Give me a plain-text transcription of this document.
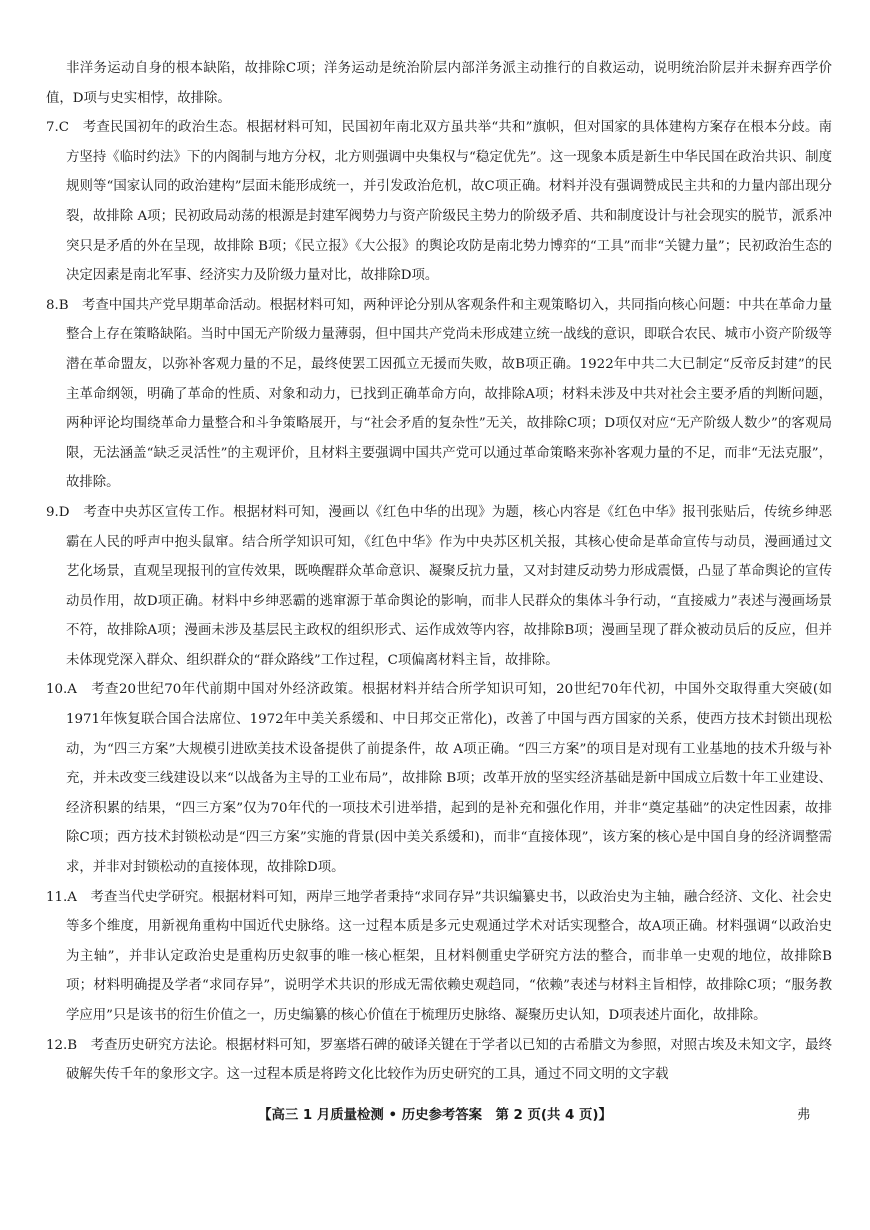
非洋务运动自身的根本缺陷，故排除C项；洋务运动是统治阶层内部洋务派主动推行的自救运动，说明统治阶层并未摒弃西学价值，D项与史实相悖，故排除。

7.C　考查民国初年的政治生态。根据材料可知，民国初年南北双方虽共举“共和”旗帜，但对国家的具体建构方案存在根本分歧。南方坚持《临时约法》下的内阁制与地方分权，北方则强调中央集权与“稳定优先”。这一现象本质是新生中华民国在政治共识、制度规则等“国家认同的政治建构”层面未能形成统一，并引发政治危机，故C项正确。材料并没有强调赞成民主共和的力量内部出现分裂，故排除 A项；民初政局动荡的根源是封建军阀势力与资产阶级民主势力的阶级矛盾、共和制度设计与社会现实的脱节，派系冲突只是矛盾的外在呈现，故排除 B项；《民立报》《大公报》的舆论攻防是南北势力博弈的“工具”而非“关键力量”；民初政治生态的决定因素是南北军事、经济实力及阶级力量对比，故排除D项。

8.B　考查中国共产党早期革命活动。根据材料可知，两种评论分别从客观条件和主观策略切入，共同指向核心问题：中共在革命力量整合上存在策略缺陷。当时中国无产阶级力量薄弱，但中国共产党尚未形成建立统一战线的意识，即联合农民、城市小资产阶级等潜在革命盟友，以弥补客观力量的不足，最终使罢工因孤立无援而失败，故B项正确。1922年中共二大已制定“反帝反封建”的民主革命纲领，明确了革命的性质、对象和动力，已找到正确革命方向，故排除A项；材料未涉及中共对社会主要矛盾的判断问题，两种评论均围绕革命力量整合和斗争策略展开，与“社会矛盾的复杂性”无关，故排除C项；D项仅对应“无产阶级人数少”的客观局限，无法涵盖“缺乏灵活性”的主观评价，且材料主要强调中国共产党可以通过革命策略来弥补客观力量的不足，而非“无法克服”，故排除。

9.D　考查中央苏区宣传工作。根据材料可知，漫画以《红色中华的出现》为题，核心内容是《红色中华》报刊张贴后，传统乡绅恶霸在人民的呼声中抱头鼠窜。结合所学知识可知，《红色中华》作为中央苏区机关报，其核心使命是革命宣传与动员，漫画通过文艺化场景，直观呈现报刊的宣传效果，既唤醒群众革命意识、凝聚反抗力量，又对封建反动势力形成震慑，凸显了革命舆论的宣传动员作用，故D项正确。材料中乡绅恶霸的逃窜源于革命舆论的影响，而非人民群众的集体斗争行动，“直接威力”表述与漫画场景不符，故排除A项；漫画未涉及基层民主政权的组织形式、运作成效等内容，故排除B项；漫画呈现了群众被动员后的反应，但并未体现党深入群众、组织群众的“群众路线”工作过程，C项偏离材料主旨，故排除。

10.A　考查20世纪70年代前期中国对外经济政策。根据材料并结合所学知识可知，20世纪70年代初，中国外交取得重大突破(如1971年恢复联合国合法席位、1972年中美关系缓和、中日邦交正常化)，改善了中国与西方国家的关系，使西方技术封锁出现松动，为“四三方案”大规模引进欧美技术设备提供了前提条件，故 A项正确。“四三方案”的项目是对现有工业基地的技术升级与补充，并未改变三线建设以来“以战备为主导的工业布局”，故排除 B项；改革开放的坚实经济基础是新中国成立后数十年工业建设、经济积累的结果，“四三方案”仅为70年代的一项技术引进举措，起到的是补充和强化作用，并非“奠定基础”的决定性因素，故排除C项；西方技术封锁松动是“四三方案”实施的背景(因中美关系缓和)，而非“直接体现”，该方案的核心是中国自身的经济调整需求，并非对封锁松动的直接体现，故排除D项。

11.A　考查当代史学研究。根据材料可知，两岸三地学者秉持“求同存异”共识编纂史书，以政治史为主轴，融合经济、文化、社会史等多个维度，用新视角重构中国近代史脉络。这一过程本质是多元史观通过学术对话实现整合，故A项正确。材料强调“以政治史为主轴”，并非认定政治史是重构历史叙事的唯一核心框架，且材料侧重史学研究方法的整合，而非单一史观的地位，故排除B项；材料明确提及学者“求同存异”，说明学术共识的形成无需依赖史观趋同，“依赖”表述与材料主旨相悖，故排除C项；“服务教学应用”只是该书的衍生价值之一，历史编纂的核心价值在于梳理历史脉络、凝聚历史认知，D项表述片面化，故排除。

12.B　考查历史研究方法论。根据材料可知，罗塞塔石碑的破译关键在于学者以已知的古希腊文为参照，对照古埃及未知文字，最终破解失传千年的象形文字。这一过程本质是将跨文化比较作为历史研究的工具，通过不同文明的文字载

【高三 1 月质量检测 • 历史参考答案　第 2 页(共 4 页)】	弗
